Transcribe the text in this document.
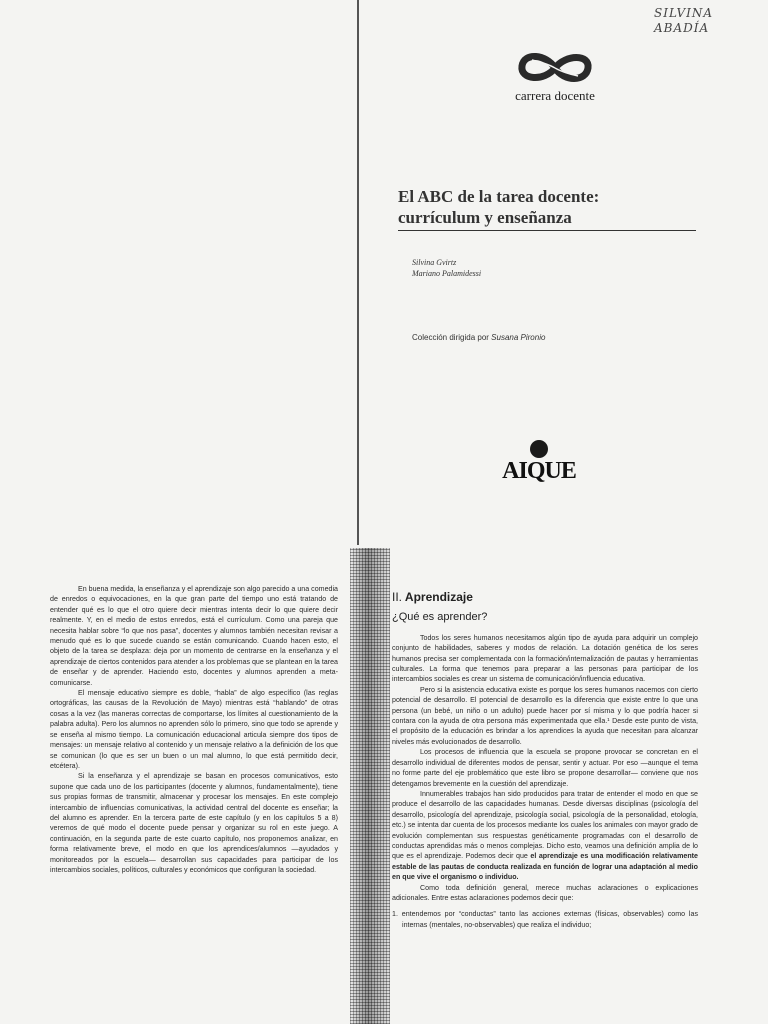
SILVINA
ABADÍA
carrera docente
El ABC de la tarea docente:
currículum y enseñanza
Silvina Gvirtz
Mariano Palamidessi
Colección dirigida por Susana Pironio
AIQUE

En buena medida, la enseñanza y el aprendizaje son algo parecido a una comedia de enredos o equivocaciones, en la que gran parte del tiempo uno está tratando de entender qué es lo que el otro quiere decir mientras intenta decir lo que quiere decir realmente. Y, en el medio de estos enredos, está el currículum. Como una pareja que necesita hablar sobre “lo que nos pasa”, docentes y alumnos también necesitan revisar a menudo qué es lo que sucede cuando se están comunicando. Cuando hacen esto, el objeto de la tarea se desplaza: deja por un momento de centrarse en la enseñanza y el aprendizaje de ciertos contenidos para atender a los problemas que se plantean en la tarea de enseñar y de aprender. Haciendo esto, docentes y alumnos aprenden a meta-comunicarse.

El mensaje educativo siempre es doble, “habla” de algo específico (las reglas ortográficas, las causas de la Revolución de Mayo) mientras está “hablando” de otras cosas a la vez (las maneras correctas de comportarse, los límites al cuestionamiento de la palabra adulta). Pero los alumnos no aprenden sólo lo primero, sino que todo se aprende y se enseña al mismo tiempo. La comunicación educacional articula siempre dos tipos de mensajes: un mensaje relativo al contenido y un mensaje relativo a la definición de los que se comunican (lo que es ser un buen o un mal alumno, lo que está permitido decir, etcétera).

Si la enseñanza y el aprendizaje se basan en procesos comunicativos, esto supone que cada uno de los participantes (docente y alumnos, fundamentalmente), tiene sus propias formas de transmitir, almacenar y procesar los mensajes. En este complejo intercambio de influencias comunicativas, la actividad central del docente es enseñar; la del alumno es aprender. En la tercera parte de este capítulo (y en los capítulos 5 a 8) veremos de qué modo el docente puede pensar y organizar su rol en este juego. A continuación, en la segunda parte de este cuarto capítulo, nos proponemos analizar, en forma relativamente breve, el modo en que los aprendices/alumnos —ayudados y monitoreados por la escuela— desarrollan sus capacidades para participar de los intercambios sociales, políticos, culturales y económicos que configuran la sociedad.

II. Aprendizaje
¿Qué es aprender?

Todos los seres humanos necesitamos algún tipo de ayuda para adquirir un complejo conjunto de habilidades, saberes y modos de relación. La dotación genética de los seres humanos precisa ser complementada con la formación/internalización de pautas y herramientas culturales. La forma que tenemos para preparar a las personas para participar de los intercambios sociales es crear un sistema de comunicación/influencia educativa.

Pero si la asistencia educativa existe es porque los seres humanos nacemos con cierto potencial de desarrollo. El potencial de desarrollo es la diferencia que existe entre lo que una persona (un bebé, un niño o un adulto) puede hacer por sí misma y lo que podría hacer si contara con la ayuda de otra persona más experimentada que ella.¹ Desde este punto de vista, el propósito de la educación es brindar a los aprendices la ayuda que necesitan para alcanzar niveles más evolucionados de desarrollo.

Los procesos de influencia que la escuela se propone provocar se concretan en el desarrollo individual de diferentes modos de pensar, sentir y actuar. Por eso —aunque el tema no forme parte del eje problemático que este libro se propone desarrollar— conviene que nos detengamos brevemente en la cuestión del aprendizaje.

Innumerables trabajos han sido producidos para tratar de entender el modo en que se produce el desarrollo de las capacidades humanas. Desde diversas disciplinas (psicología del desarrollo, psicología del aprendizaje, psicología social, psicología de la personalidad, etología, etc.) se intenta dar cuenta de los procesos mediante los cuales los animales con mayor grado de evolución complementan sus respuestas genéticamente programadas con el desarrollo de conductas aprendidas más o menos complejas. Dicho esto, veamos una definición amplia de lo que es el aprendizaje. Podemos decir que el aprendizaje es una modificación relativamente estable de las pautas de conducta realizada en función de lograr una adaptación al medio en que vive el organismo o individuo.

Como toda definición general, merece muchas aclaraciones o explicaciones adicionales. Entre estas aclaraciones podemos decir que:

1. entendemos por “conductas” tanto las acciones externas (físicas, observables) como las internas (mentales, no-observables) que realiza el individuo;
